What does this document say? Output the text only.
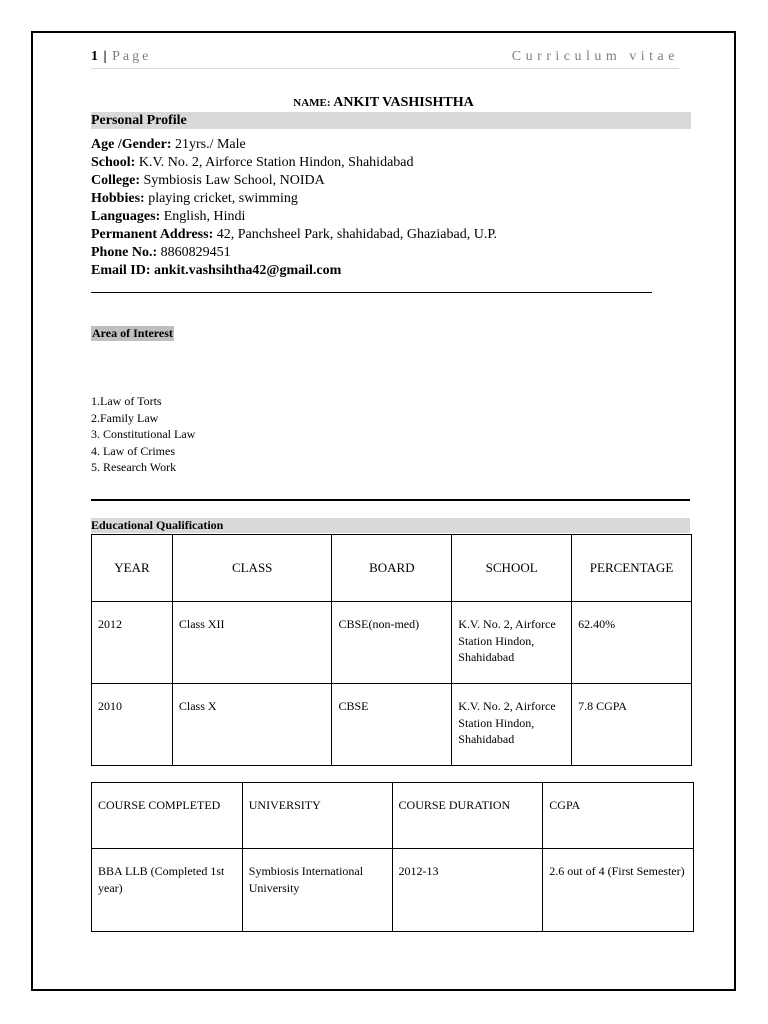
1 | Page	Curriculum vitae
NAME: ANKIT VASHISHTHA
Personal Profile
Age /Gender: 21yrs./ Male
School: K.V. No. 2, Airforce Station Hindon, Shahidabad
College: Symbiosis Law School, NOIDA
Hobbies: playing cricket, swimming
Languages: English, Hindi
Permanent Address: 42, Panchsheel Park, shahidabad, Ghaziabad, U.P.
Phone No.: 8860829451
Email ID: ankit.vashsihtha42@gmail.com
Area of Interest
1.Law of Torts
2.Family Law
3. Constitutional Law
4. Law of Crimes
5. Research Work
Educational Qualification
YEAR	CLASS	BOARD	SCHOOL	PERCENTAGE
2012	Class XII	CBSE(non-med)	K.V. No. 2, Airforce Station Hindon, Shahidabad	62.40%
2010	Class X	CBSE	K.V. No. 2, Airforce Station Hindon, Shahidabad	7.8 CGPA
COURSE COMPLETED	UNIVERSITY	COURSE DURATION	CGPA
BBA LLB (Completed 1st year)	Symbiosis International University	2012-13	2.6 out of 4 (First Semester)
